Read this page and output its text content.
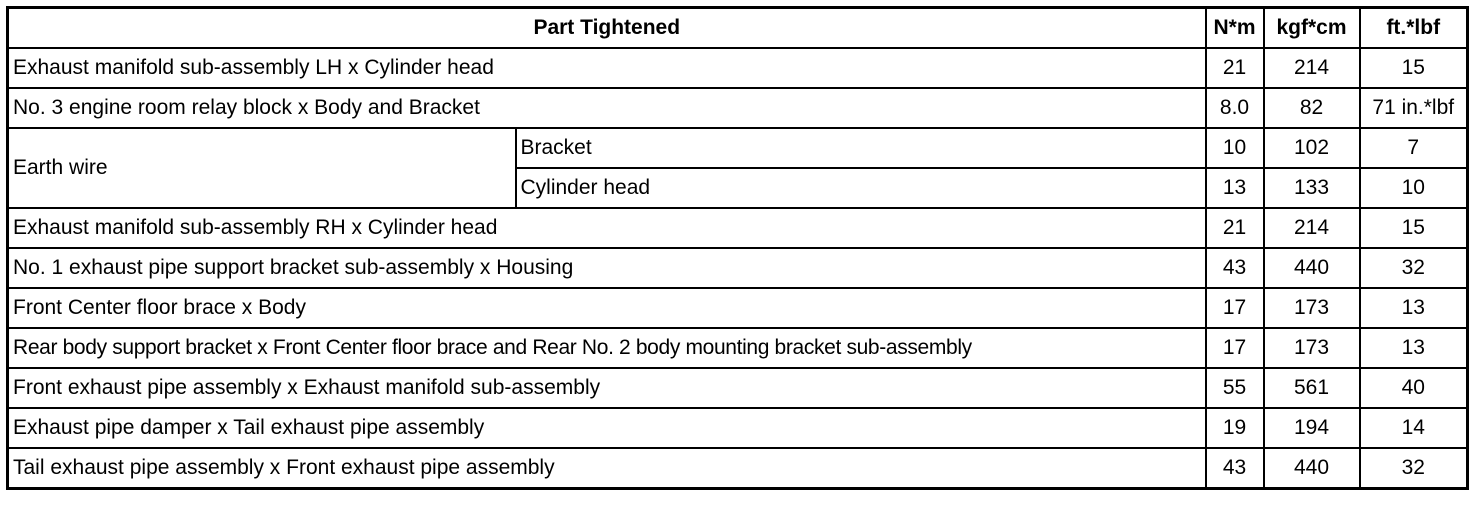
Part Tightened		N*m	kgf*cm	ft.*lbf
Exhaust manifold sub-assembly LH x Cylinder head		21	214	15
No. 3 engine room relay block x Body and Bracket		8.0	82	71 in.*lbf
Earth wire	Bracket	10	102	7
	Cylinder head	13	133	10
Exhaust manifold sub-assembly RH x Cylinder head		21	214	15
No. 1 exhaust pipe support bracket sub-assembly x Housing		43	440	32
Front Center floor brace x Body		17	173	13
Rear body support bracket x Front Center floor brace and Rear No. 2 body mounting bracket sub-assembly		17	173	13
Front exhaust pipe assembly x Exhaust manifold sub-assembly		55	561	40
Exhaust pipe damper x Tail exhaust pipe assembly		19	194	14
Tail exhaust pipe assembly x Front exhaust pipe assembly		43	440	32
